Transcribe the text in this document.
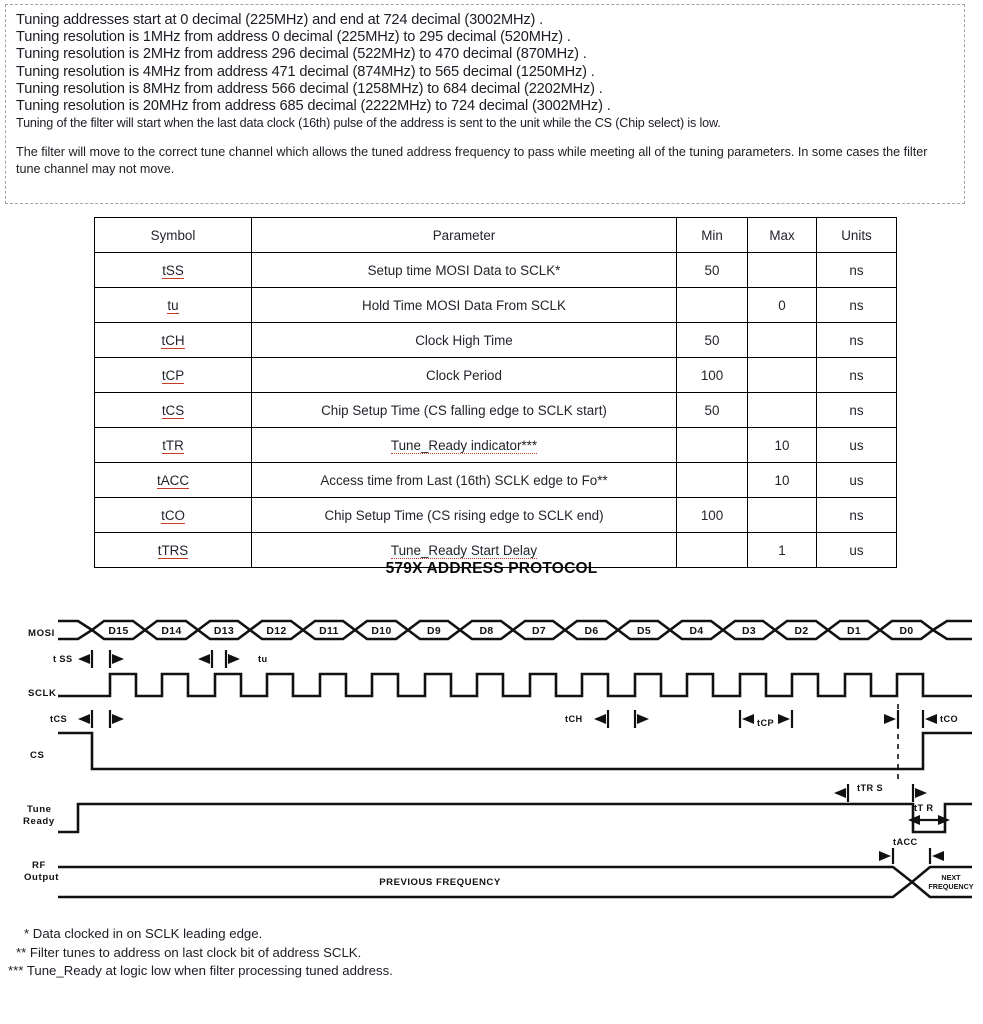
Tuning addresses start at 0 decimal (225MHz) and end at 724 decimal (3002MHz) .
Tuning resolution is 1MHz from address 0 decimal (225MHz) to 295 decimal (520MHz) .
Tuning resolution is 2MHz from address 296 decimal (522MHz) to 470 decimal (870MHz) .
Tuning resolution is 4MHz from address 471 decimal (874MHz) to 565 decimal (1250MHz) .
Tuning resolution is 8MHz from address 566 decimal (1258MHz) to 684 decimal (2202MHz) .
Tuning resolution is 20MHz from address 685 decimal (2222MHz) to 724 decimal (3002MHz) .
Tuning of the filter will start when the last data clock (16th) pulse of the address is sent to the unit while the CS (Chip select) is low.
The filter will move to the correct tune channel which allows the tuned address frequency to pass while meeting all of the tuning parameters. In some cases the filter tune channel may not move.
Symbol	Parameter	Min	Max	Units
tSS	Setup time MOSI Data to SCLK*	50		ns
tu	Hold Time MOSI Data From SCLK		0	ns
tCH	Clock High Time	50		ns
tCP	Clock Period	100		ns
tCS	Chip Setup Time (CS falling edge to SCLK start)	50		ns
tTR	Tune_Ready indicator***		10	us
tACC	Access time from Last (16th) SCLK edge to Fo**		10	us
tCO	Chip Setup Time (CS rising edge to SCLK end)	100		ns
tTRS	Tune_Ready Start Delay		1	us
579X ADDRESS PROTOCOL
MOSI
SCLK
CS
Tune
Ready
RF
Output
D15	D14	D13	D12	D11	D10	D9	D8	D7	D6	D5	D4	D3	D2	D1	D0
t SS	tu
tCS	tCH	tCP	tCO
tTR S
tT R
tACC
PREVIOUS FREQUENCY	NEXT
FREQUENCY
* Data clocked in on SCLK leading edge.
** Filter tunes to address on last clock bit of address SCLK.
*** Tune_Ready at logic low when filter processing tuned address.
